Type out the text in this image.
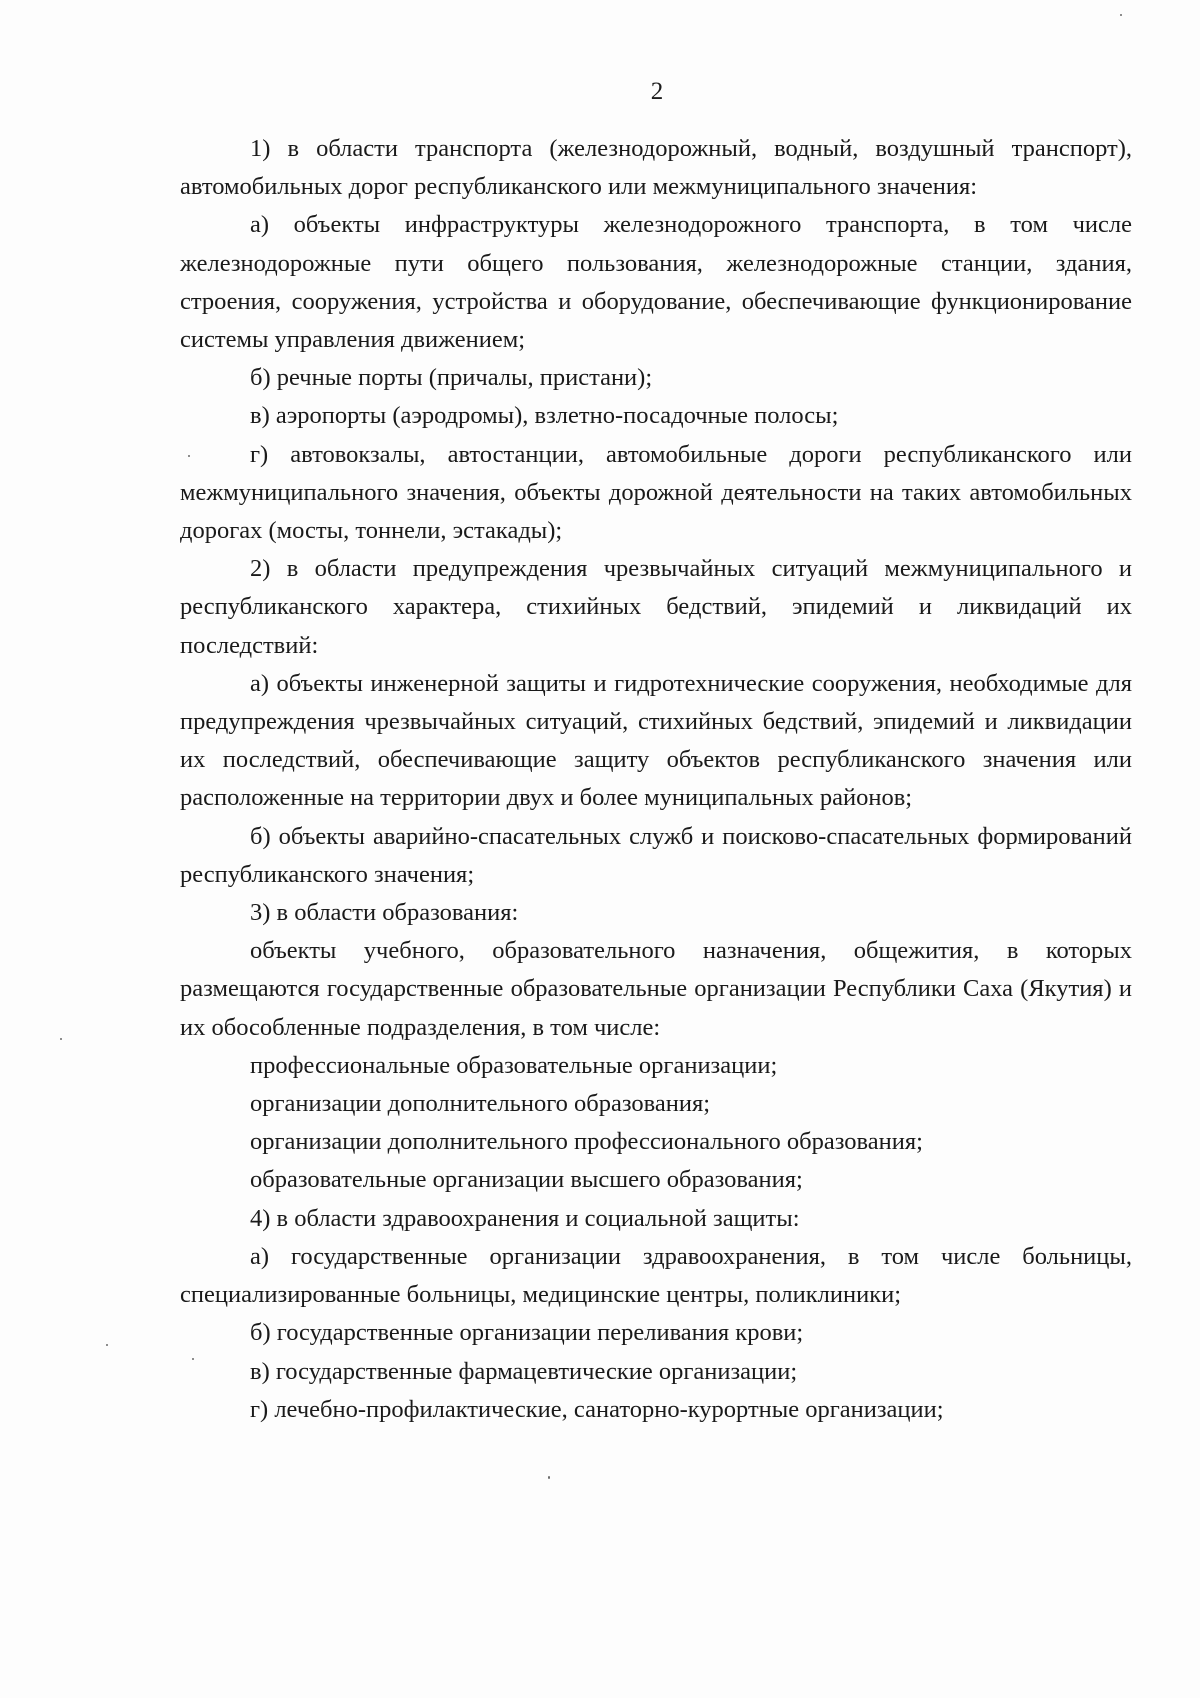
2

1) в области транспорта (железнодорожный, водный, воздушный транспорт), автомобильных дорог республиканского или межмуниципального значения:

а) объекты инфраструктуры железнодорожного транспорта, в том числе железнодорожные пути общего пользования, железнодорожные станции, здания, строения, сооружения, устройства и оборудование, обеспечивающие функционирование системы управления движением;

б) речные порты (причалы, пристани);

в) аэропорты (аэродромы), взлетно-посадочные полосы;

г) автовокзалы, автостанции, автомобильные дороги республиканского или межмуниципального значения, объекты дорожной деятельности на таких автомобильных дорогах (мосты, тоннели, эстакады);

2) в области предупреждения чрезвычайных ситуаций межмуниципального и республиканского характера, стихийных бедствий, эпидемий и ликвидаций их последствий:

а) объекты инженерной защиты и гидротехнические сооружения, необходимые для предупреждения чрезвычайных ситуаций, стихийных бедствий, эпидемий и ликвидации их последствий, обеспечивающие защиту объектов республиканского значения или расположенные на территории двух и более муниципальных районов;

б) объекты аварийно-спасательных служб и поисково-спасательных формирований республиканского значения;

3) в области образования:

объекты учебного, образовательного назначения, общежития, в которых размещаются государственные образовательные организации Республики Саха (Якутия) и их обособленные подразделения, в том числе:

профессиональные образовательные организации;

организации дополнительного образования;

организации дополнительного профессионального образования;

образовательные организации высшего образования;

4) в области здравоохранения и социальной защиты:

а) государственные организации здравоохранения, в том числе больницы, специализированные больницы, медицинские центры, поликлиники;

б) государственные организации переливания крови;

в) государственные фармацевтические организации;

г) лечебно-профилактические, санаторно-курортные организации;
